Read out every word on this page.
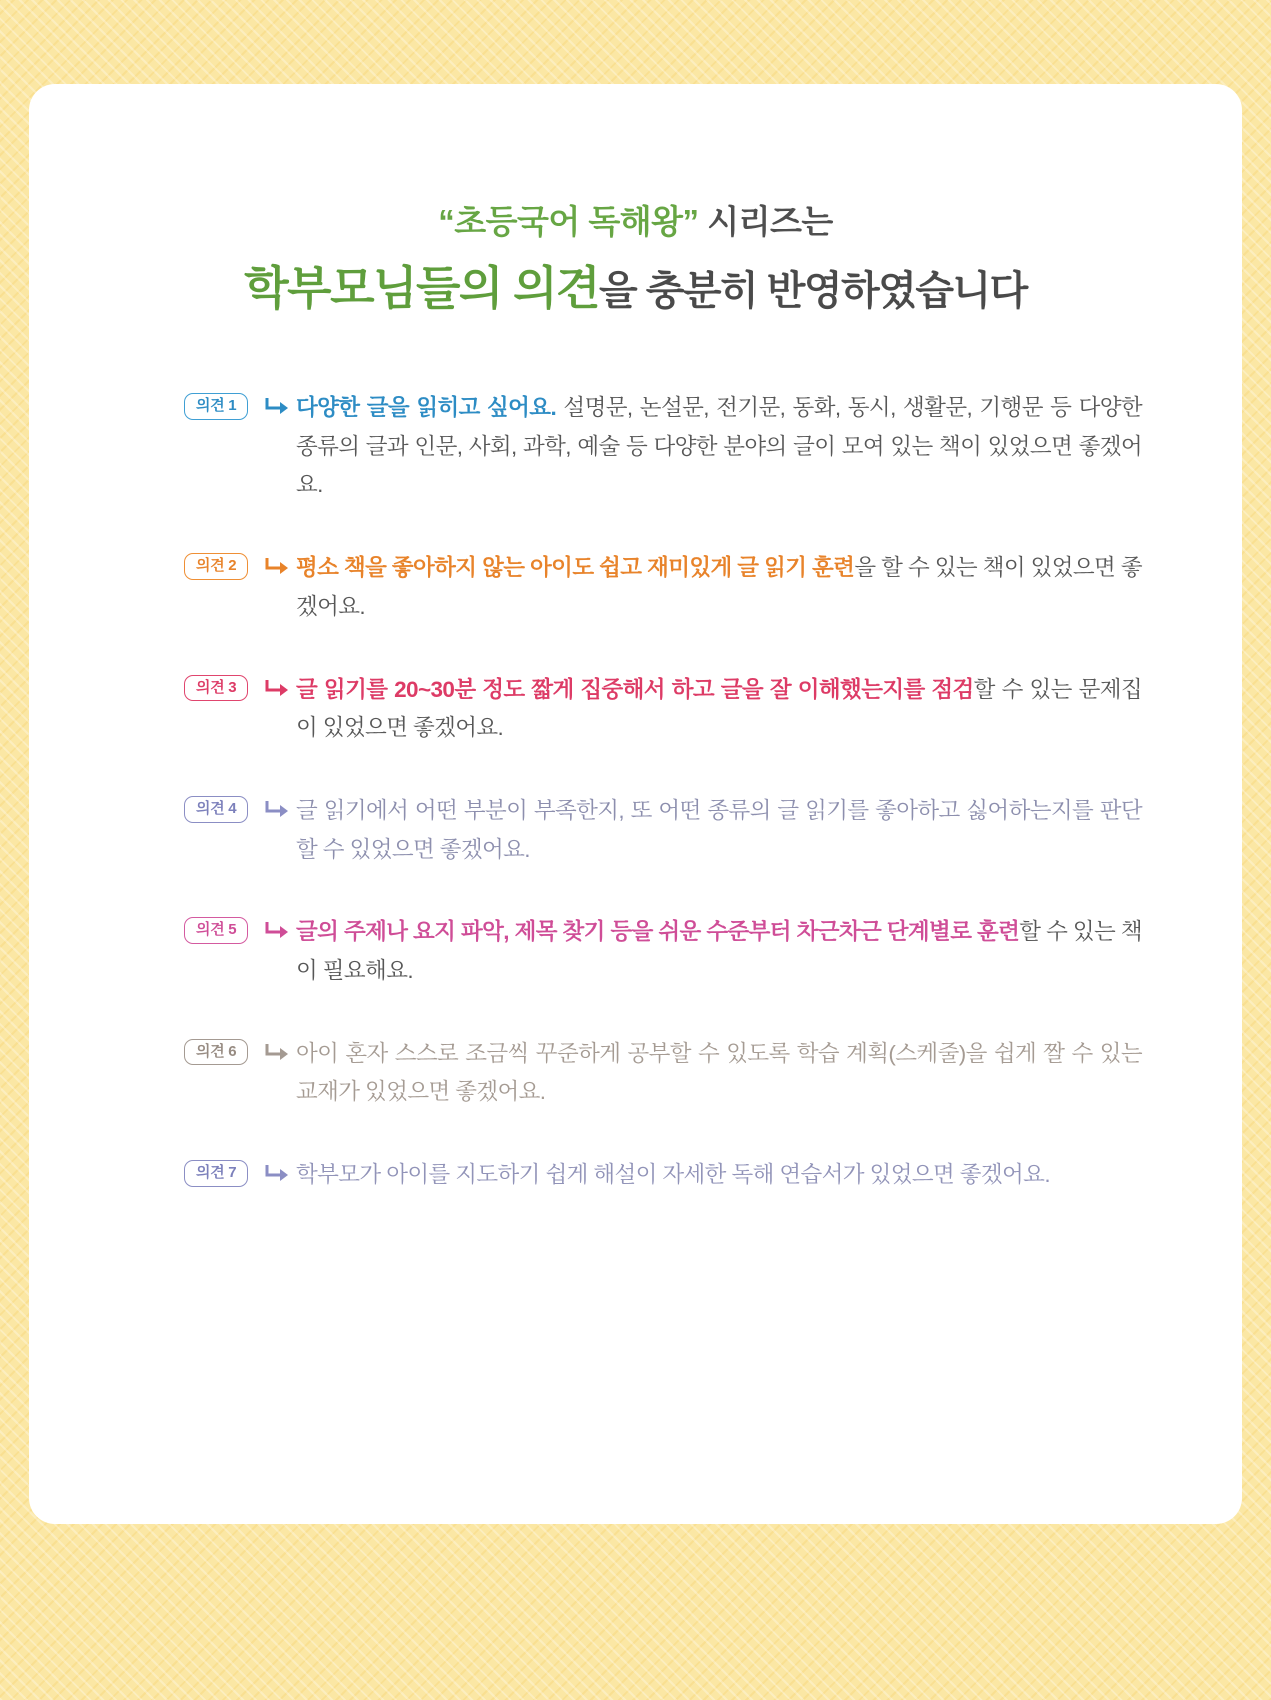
“초등국어 독해왕” 시리즈는
학부모님들의 의견을 충분히 반영하였습니다
의견 1	다양한 글을 읽히고 싶어요. 설명문, 논설문, 전기문, 동화, 동시, 생활문, 기행문 등 다양한 종류의 글과 인문, 사회, 과학, 예술 등 다양한 분야의 글이 모여 있는 책이 있었으면 좋겠어요.
의견 2	평소 책을 좋아하지 않는 아이도 쉽고 재미있게 글 읽기 훈련을 할 수 있는 책이 있었으면 좋겠어요.
의견 3	글 읽기를 20~30분 정도 짧게 집중해서 하고 글을 잘 이해했는지를 점검할 수 있는 문제집이 있었으면 좋겠어요.
의견 4	글 읽기에서 어떤 부분이 부족한지, 또 어떤 종류의 글 읽기를 좋아하고 싫어하는지를 판단할 수 있었으면 좋겠어요.
의견 5	글의 주제나 요지 파악, 제목 찾기 등을 쉬운 수준부터 차근차근 단계별로 훈련할 수 있는 책이 필요해요.
의견 6	아이 혼자 스스로 조금씩 꾸준하게 공부할 수 있도록 학습 계획(스케줄)을 쉽게 짤 수 있는 교재가 있었으면 좋겠어요.
의견 7	학부모가 아이를 지도하기 쉽게 해설이 자세한 독해 연습서가 있었으면 좋겠어요.
